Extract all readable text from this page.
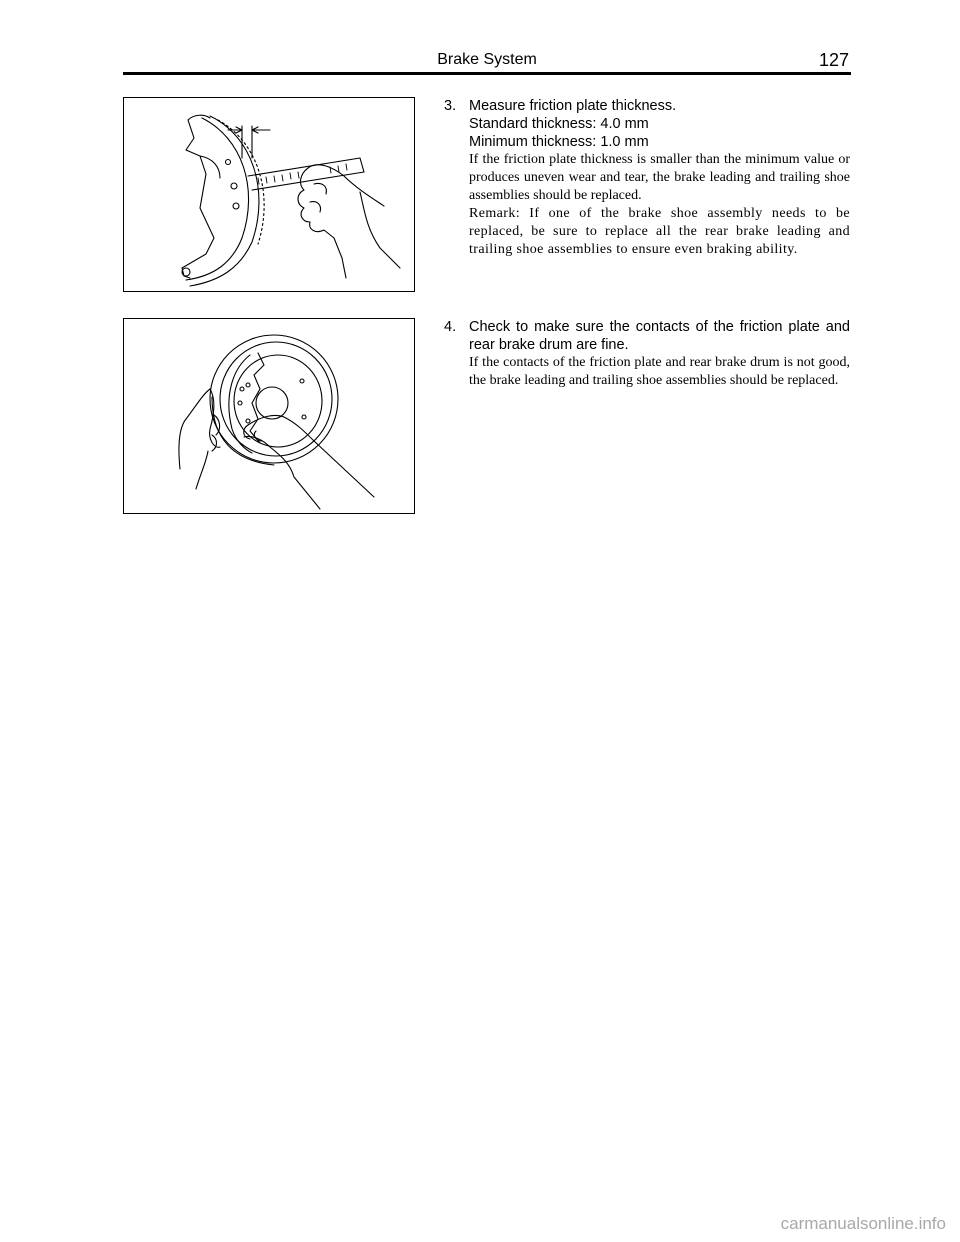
Brake System	127
3. Measure friction plate thickness.
Standard thickness: 4.0 mm
Minimum thickness: 1.0 mm
If the friction plate thickness is smaller than the minimum value or produces uneven wear and tear, the brake leading and trailing shoe assemblies should be replaced.
Remark: If one of the brake shoe assembly needs to be replaced, be sure to replace all the rear brake leading and trailing shoe assemblies to ensure even braking ability.
4. Check to make sure the contacts of the friction plate and rear brake drum are fine.
If the contacts of the friction plate and rear brake drum is not good, the brake leading and trailing shoe assemblies should be replaced.
carmanualsonline.info
